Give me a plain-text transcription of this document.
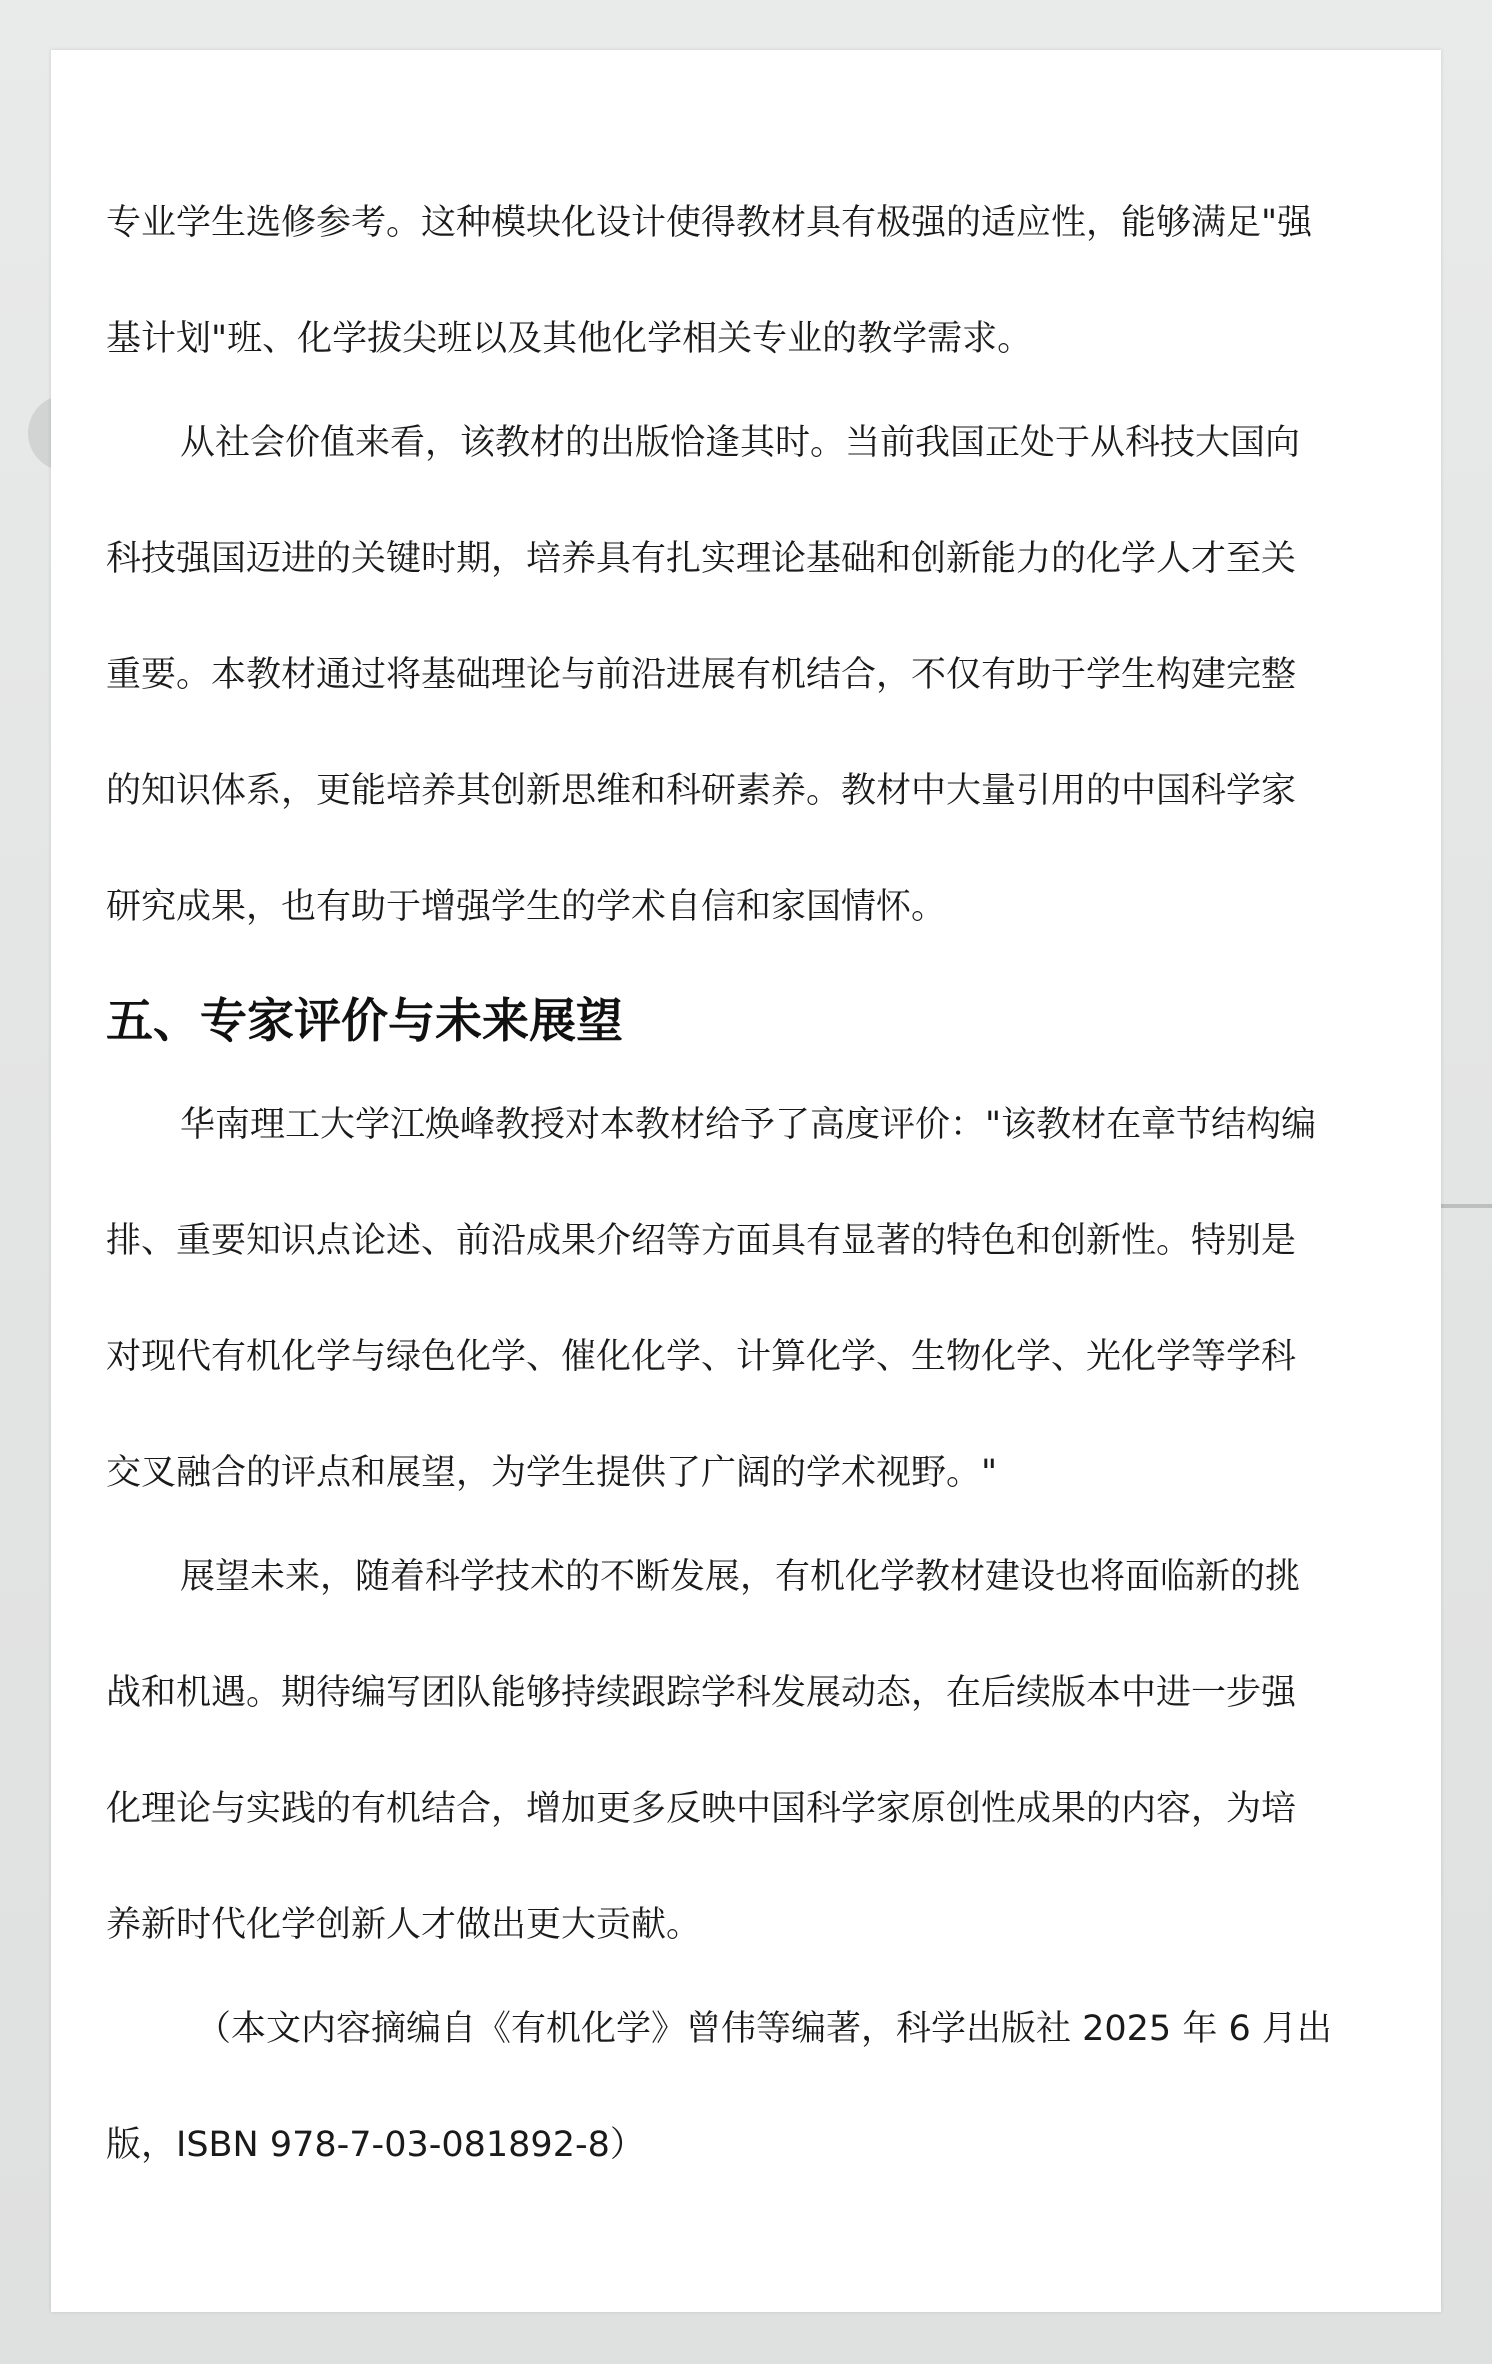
专业学生选修参考。这种模块化设计使得教材具有极强的适应性，能够满足"强
基计划"班、化学拔尖班以及其他化学相关专业的教学需求。
从社会价值来看，该教材的出版恰逢其时。当前我国正处于从科技大国向
科技强国迈进的关键时期，培养具有扎实理论基础和创新能力的化学人才至关
重要。本教材通过将基础理论与前沿进展有机结合，不仅有助于学生构建完整
的知识体系，更能培养其创新思维和科研素养。教材中大量引用的中国科学家
研究成果，也有助于增强学生的学术自信和家国情怀。
五、专家评价与未来展望
华南理工大学江焕峰教授对本教材给予了高度评价："该教材在章节结构编
排、重要知识点论述、前沿成果介绍等方面具有显著的特色和创新性。特别是
对现代有机化学与绿色化学、催化化学、计算化学、生物化学、光化学等学科
交叉融合的评点和展望，为学生提供了广阔的学术视野。"
展望未来，随着科学技术的不断发展，有机化学教材建设也将面临新的挑
战和机遇。期待编写团队能够持续跟踪学科发展动态，在后续版本中进一步强
化理论与实践的有机结合，增加更多反映中国科学家原创性成果的内容，为培
养新时代化学创新人才做出更大贡献。
（本文内容摘编自《有机化学》曾伟等编著，科学出版社 2025 年 6 月出
版，ISBN 978-7-03-081892-8）
